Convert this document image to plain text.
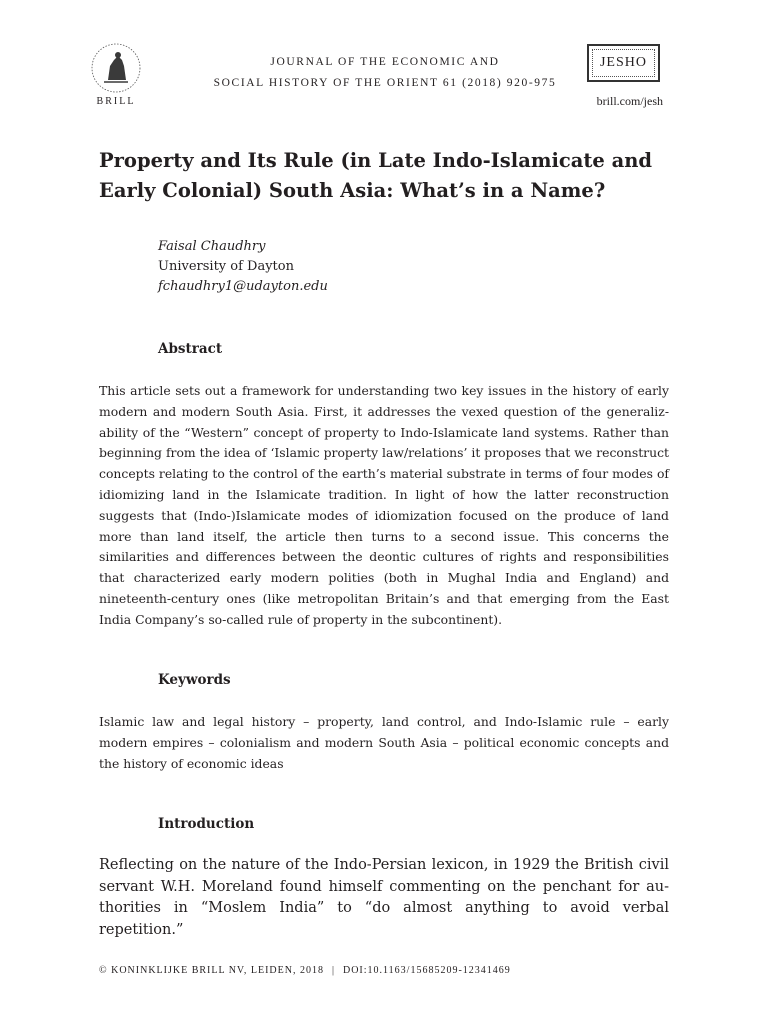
BRILL
JOURNAL OF THE ECONOMIC AND
SOCIAL HISTORY OF THE ORIENT 61 (2018) 920-975
JESHO
brill.com/jesh
Property and Its Rule (in Late Indo-Islamicate and Early Colonial) South Asia: What’s in a Name?
Faisal Chaudhry
University of Dayton
fchaudhry1@udayton.edu
Abstract

This article sets out a framework for understanding two key issues in the history of early modern and modern South Asia. First, it addresses the vexed question of the generalizability of the “Western” concept of property to Indo-Islamicate land systems. Rather than beginning from the idea of ‘Islamic property law/relations’ it proposes that we reconstruct concepts relating to the control of the earth’s material substrate in terms of four modes of idiomizing land in the Islamicate tradition. In light of how the latter reconstruction suggests that (Indo-)Islamicate modes of idiomization focused on the produce of land more than land itself, the article then turns to a second issue. This concerns the similarities and differences between the deontic cultures of rights and responsibilities that characterized early modern polities (both in Mughal India and England) and nineteenth-century ones (like metropolitan Britain’s and that emerging from the East India Company’s so-called rule of property in the subcontinent).

Keywords

Islamic law and legal history – property, land control, and Indo-Islamic rule – early modern empires – colonialism and modern South Asia – political economic concepts and the history of economic ideas

Introduction

Reflecting on the nature of the Indo-Persian lexicon, in 1929 the British civil servant W.H. Moreland found himself commenting on the penchant for authorities in “Moslem India” to “do almost anything to avoid verbal repetition.”

© KONINKLIJKE BRILL NV, LEIDEN, 2018 | DOI:10.1163/15685209-12341469
